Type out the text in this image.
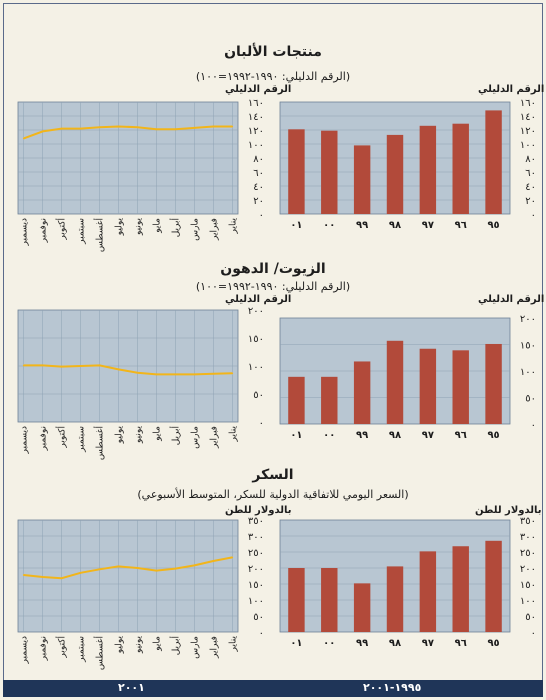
منتجات الألبان
(الرقم الدليلي: ١٩٩٠-١٩٩٢=١٠٠)
الرقم الدليلي	الرقم الدليلي
٠
٢٠
٤٠
٦٠
٨٠
١٠٠
١٢٠
١٤٠
١٦٠
يناير
فبراير
مارس
أبريل
مايو
يونيو
يوليو
أغسطس
سبتمبر
أكتوبر
نوفمبر
ديسمبر
٠
٢٠
٤٠
٦٠
٨٠
١٠٠
١٢٠
١٤٠
١٦٠
٩٥
٩٦
٩٧
٩٨
٩٩
٠٠
٠١
الزيوت/ الدهون
(الرقم الدليلي: ١٩٩٠-١٩٩٢=١٠٠)
الرقم الدليلي	الرقم الدليلي
٠
٥٠
١٠٠
١٥٠
٢٠٠
يناير
فبراير
مارس
أبريل
مايو
يونيو
يوليو
أغسطس
سبتمبر
أكتوبر
نوفمبر
ديسمبر
٠
٥٠
١٠٠
١٥٠
٢٠٠
٩٥
٩٦
٩٧
٩٨
٩٩
٠٠
٠١
السكر
(السعر اليومي للاتفاقية الدولية للسكر، المتوسط الأسبوعي)
بالدولار للطن	بالدولار للطن
٠
٥٠
١٠٠
١٥٠
٢٠٠
٢٥٠
٣٠٠
٣٥٠
يناير
فبراير
مارس
أبريل
مايو
يونيو
يوليو
أغسطس
سبتمبر
أكتوبر
نوفمبر
ديسمبر
٠
٥٠
١٠٠
١٥٠
٢٠٠
٢٥٠
٣٠٠
٣٥٠
٩٥
٩٦
٩٧
٩٨
٩٩
٠٠
٠١
٢٠٠١	١٩٩٥-٢٠٠١
